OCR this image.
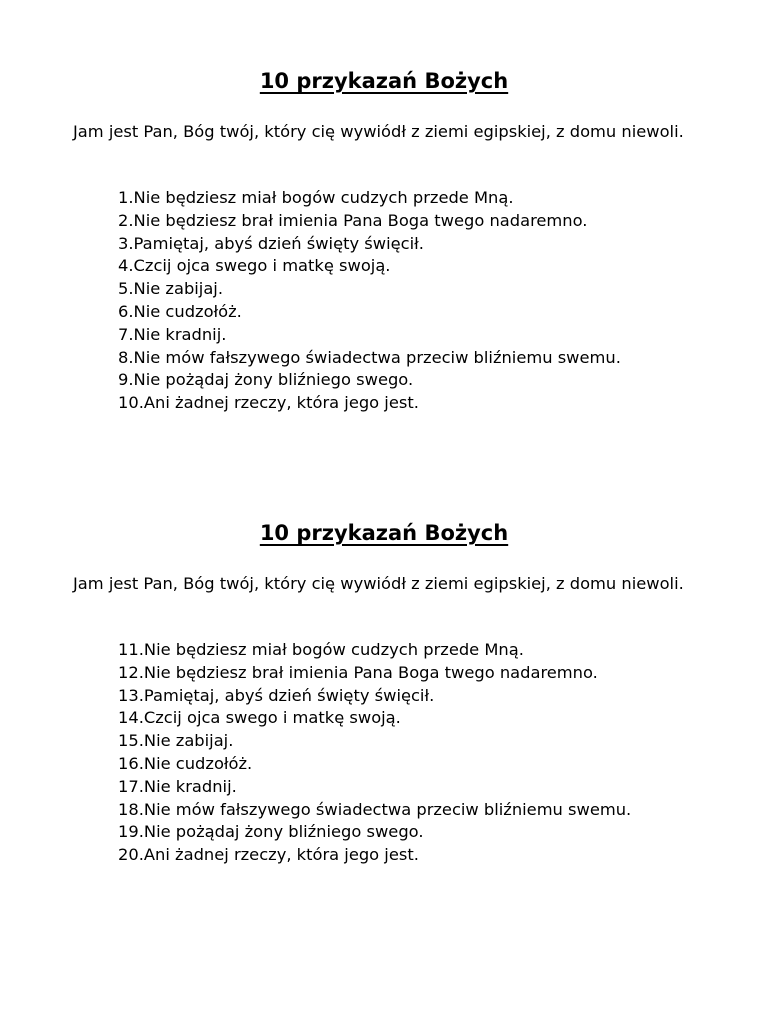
10 przykazań Bożych

Jam jest Pan, Bóg twój, który cię wywiódł z ziemi egipskiej, z domu niewoli.

1.Nie będziesz miał bogów cudzych przede Mną.
2.Nie będziesz brał imienia Pana Boga twego nadaremno.
3.Pamiętaj, abyś dzień święty święcił.
4.Czcij ojca swego i matkę swoją.
5.Nie zabijaj.
6.Nie cudzołóż.
7.Nie kradnij.
8.Nie mów fałszywego świadectwa przeciw bliźniemu swemu.
9.Nie pożądaj żony bliźniego swego.
10.Ani żadnej rzeczy, która jego jest.
10 przykazań Bożych

Jam jest Pan, Bóg twój, który cię wywiódł z ziemi egipskiej, z domu niewoli.

11.Nie będziesz miał bogów cudzych przede Mną.
12.Nie będziesz brał imienia Pana Boga twego nadaremno.
13.Pamiętaj, abyś dzień święty święcił.
14.Czcij ojca swego i matkę swoją.
15.Nie zabijaj.
16.Nie cudzołóż.
17.Nie kradnij.
18.Nie mów fałszywego świadectwa przeciw bliźniemu swemu.
19.Nie pożądaj żony bliźniego swego.
20.Ani żadnej rzeczy, która jego jest.
